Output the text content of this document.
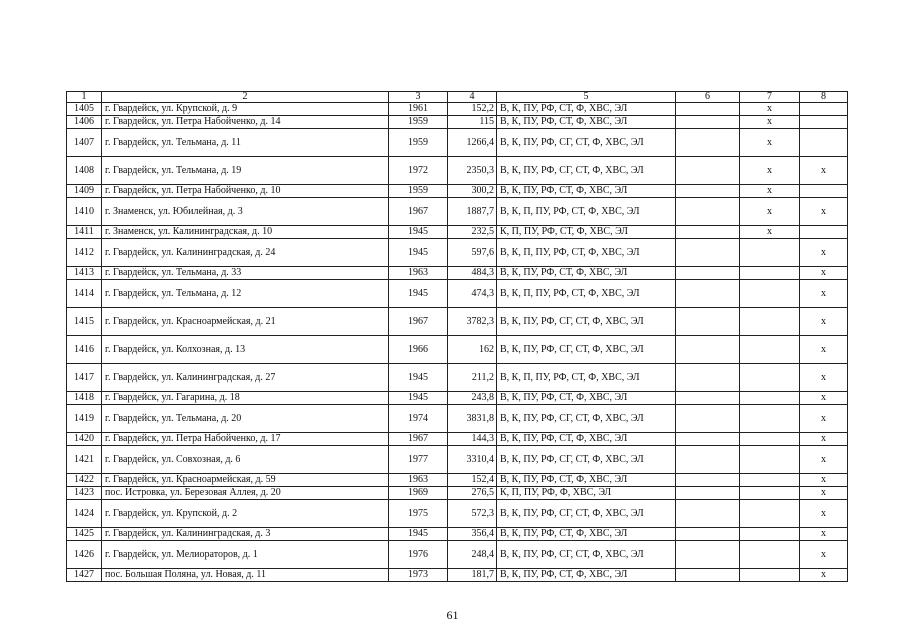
1	2	3	4	5	6	7	8
1405	г. Гвардейск, ул. Крупской, д. 9	1961	152,2	В, К, ПУ, РФ, СТ, Ф, ХВС, ЭЛ		x	
1406	г. Гвардейск, ул. Петра Набойченко, д. 14	1959	115	В, К, ПУ, РФ, СТ, Ф, ХВС, ЭЛ		x	
1407	г. Гвардейск, ул. Тельмана, д. 11	1959	1266,4	В, К, ПУ, РФ, СГ, СТ, Ф, ХВС, ЭЛ		x	
1408	г. Гвардейск, ул. Тельмана, д. 19	1972	2350,3	В, К, ПУ, РФ, СГ, СТ, Ф, ХВС, ЭЛ		x	x
1409	г. Гвардейск, ул. Петра Набойченко, д. 10	1959	300,2	В, К, ПУ, РФ, СТ, Ф, ХВС, ЭЛ		x	
1410	г. Знаменск, ул. Юбилейная, д. 3	1967	1887,7	В, К, П, ПУ, РФ, СТ, Ф, ХВС, ЭЛ		x	x
1411	г. Знаменск, ул. Калининградская, д. 10	1945	232,5	К, П, ПУ, РФ, СТ, Ф, ХВС, ЭЛ		x	
1412	г. Гвардейск, ул. Калининградская, д. 24	1945	597,6	В, К, П, ПУ, РФ, СТ, Ф, ХВС, ЭЛ			x
1413	г. Гвардейск, ул. Тельмана, д. 33	1963	484,3	В, К, ПУ, РФ, СТ, Ф, ХВС, ЭЛ			x
1414	г. Гвардейск, ул. Тельмана, д. 12	1945	474,3	В, К, П, ПУ, РФ, СТ, Ф, ХВС, ЭЛ			x
1415	г. Гвардейск, ул. Красноармейская, д. 21	1967	3782,3	В, К, ПУ, РФ, СГ, СТ, Ф, ХВС, ЭЛ			x
1416	г. Гвардейск, ул. Колхозная, д. 13	1966	162	В, К, ПУ, РФ, СГ, СТ, Ф, ХВС, ЭЛ			x
1417	г. Гвардейск, ул. Калининградская, д. 27	1945	211,2	В, К, П, ПУ, РФ, СТ, Ф, ХВС, ЭЛ			x
1418	г. Гвардейск, ул. Гагарина, д. 18	1945	243,8	В, К, ПУ, РФ, СТ, Ф, ХВС, ЭЛ			x
1419	г. Гвардейск, ул. Тельмана, д. 20	1974	3831,8	В, К, ПУ, РФ, СГ, СТ, Ф, ХВС, ЭЛ			x
1420	г. Гвардейск, ул. Петра Набойченко, д. 17	1967	144,3	В, К, ПУ, РФ, СТ, Ф, ХВС, ЭЛ			x
1421	г. Гвардейск, ул. Совхозная, д. 6	1977	3310,4	В, К, ПУ, РФ, СГ, СТ, Ф, ХВС, ЭЛ			x
1422	г. Гвардейск, ул. Красноармейская, д. 59	1963	152,4	В, К, ПУ, РФ, СТ, Ф, ХВС, ЭЛ			x
1423	пос. Истровка, ул. Березовая Аллея, д. 20	1969	276,5	К, П, ПУ, РФ, Ф, ХВС, ЭЛ			x
1424	г. Гвардейск, ул. Крупской, д. 2	1975	572,3	В, К, ПУ, РФ, СГ, СТ, Ф, ХВС, ЭЛ			x
1425	г. Гвардейск, ул. Калининградская, д. 3	1945	356,4	В, К, ПУ, РФ, СТ, Ф, ХВС, ЭЛ			x
1426	г. Гвардейск, ул. Мелиораторов, д. 1	1976	248,4	В, К, ПУ, РФ, СГ, СТ, Ф, ХВС, ЭЛ			x
1427	пос. Большая Поляна, ул. Новая, д. 11	1973	181,7	В, К, ПУ, РФ, СТ, Ф, ХВС, ЭЛ			x
61
